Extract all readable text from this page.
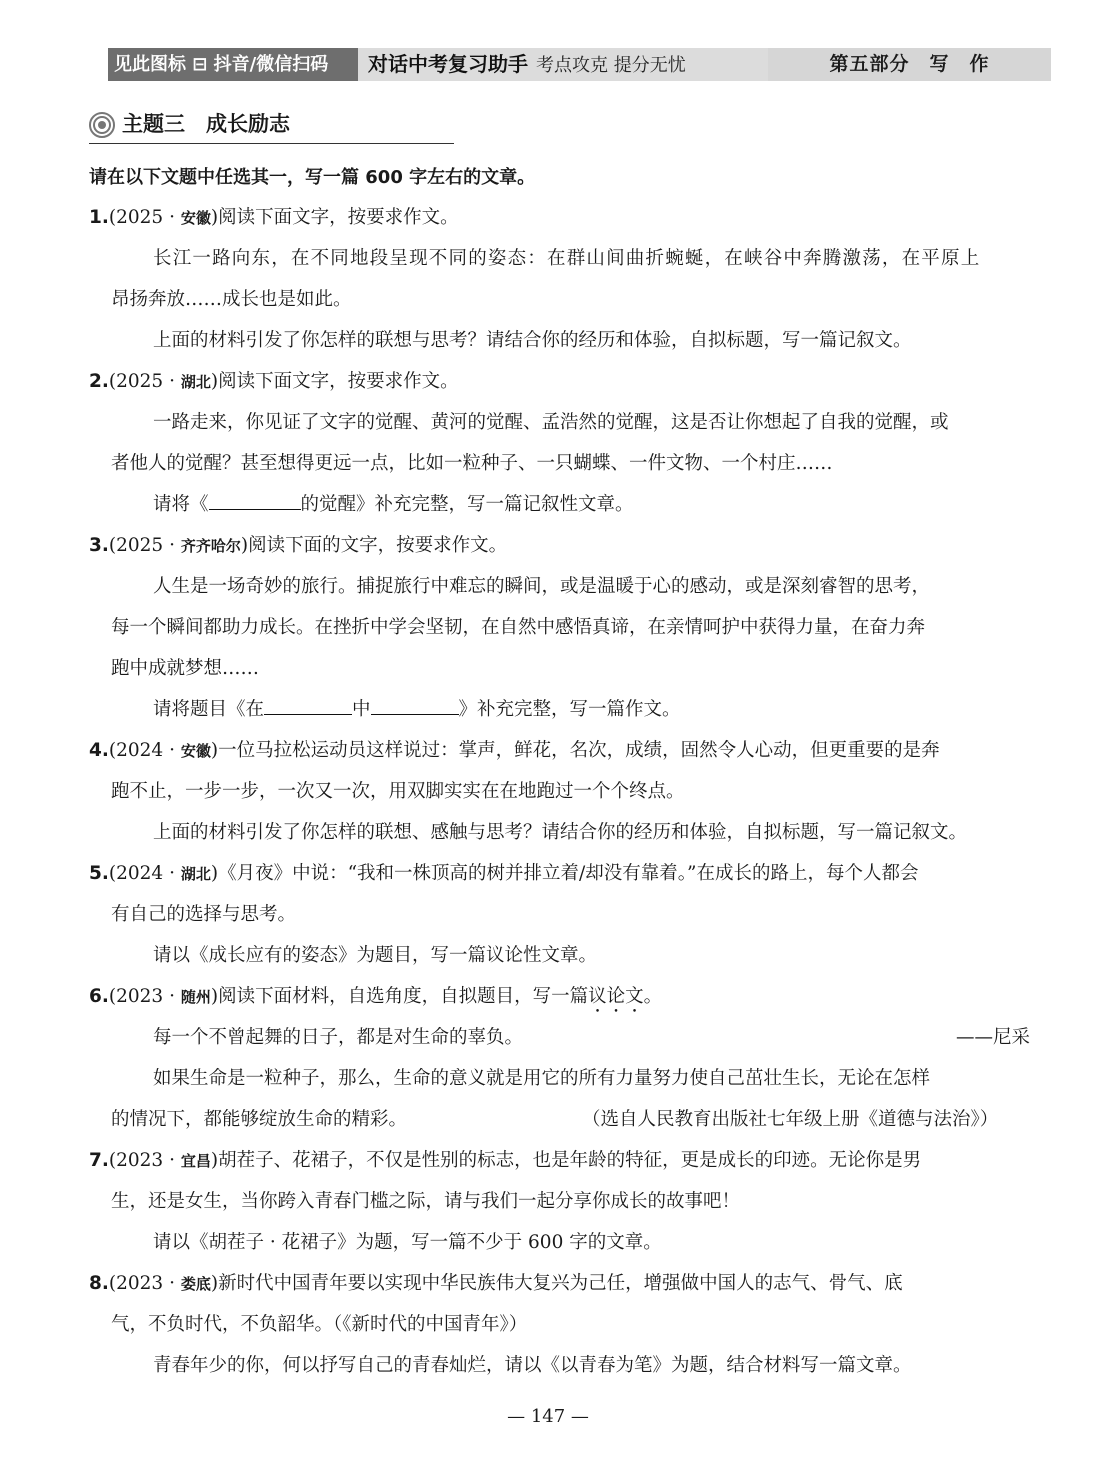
见此图标 ⊟ 抖音/微信扫码	对话中考复习助手 考点攻克 提分无忧	第五部分　写　作
主题三　成长励志
请在以下文题中任选其一，写一篇 600 字左右的文章。
1.(2025 · 安徽)阅读下面文字，按要求作文。
长江一路向东，在不同地段呈现不同的姿态：在群山间曲折蜿蜒，在峡谷中奔腾激荡，在平原上
昂扬奔放……成长也是如此。
上面的材料引发了你怎样的联想与思考？请结合你的经历和体验，自拟标题，写一篇记叙文。
2.(2025 · 湖北)阅读下面文字，按要求作文。
一路走来，你见证了文字的觉醒、黄河的觉醒、孟浩然的觉醒，这是否让你想起了自我的觉醒，或
者他人的觉醒？甚至想得更远一点，比如一粒种子、一只蝴蝶、一件文物、一个村庄……
请将《	的觉醒》补充完整，写一篇记叙性文章。
3.(2025 · 齐齐哈尔)阅读下面的文字，按要求作文。
人生是一场奇妙的旅行。捕捉旅行中难忘的瞬间，或是温暖于心的感动，或是深刻睿智的思考，
每一个瞬间都助力成长。在挫折中学会坚韧，在自然中感悟真谛，在亲情呵护中获得力量，在奋力奔
跑中成就梦想……
请将题目《在	中	》补充完整，写一篇作文。
4.(2024 · 安徽)一位马拉松运动员这样说过：掌声，鲜花，名次，成绩，固然令人心动，但更重要的是奔
跑不止，一步一步，一次又一次，用双脚实实在在地跑过一个个终点。
上面的材料引发了你怎样的联想、感触与思考？请结合你的经历和体验，自拟标题，写一篇记叙文。
5.(2024 · 湖北)《月夜》中说：“我和一株顶高的树并排立着/却没有靠着。”在成长的路上，每个人都会
有自己的选择与思考。
请以《成长应有的姿态》为题目，写一篇议论性文章。
6.(2023 · 随州)阅读下面材料，自选角度，自拟题目，写一篇议论文。
每一个不曾起舞的日子，都是对生命的辜负。	——尼采
如果生命是一粒种子，那么，生命的意义就是用它的所有力量努力使自己茁壮生长，无论在怎样
的情况下，都能够绽放生命的精彩。	（选自人民教育出版社七年级上册《道德与法治》）
7.(2023 · 宜昌)胡茬子、花裙子，不仅是性别的标志，也是年龄的特征，更是成长的印迹。无论你是男
生，还是女生，当你跨入青春门槛之际，请与我们一起分享你成长的故事吧！
请以《胡茬子 · 花裙子》为题，写一篇不少于 600 字的文章。
8.(2023 · 娄底)新时代中国青年要以实现中华民族伟大复兴为己任，增强做中国人的志气、骨气、底
气，不负时代，不负韶华。（《新时代的中国青年》）
青春年少的你，何以抒写自己的青春灿烂，请以《以青春为笔》为题，结合材料写一篇文章。
— 147 —
